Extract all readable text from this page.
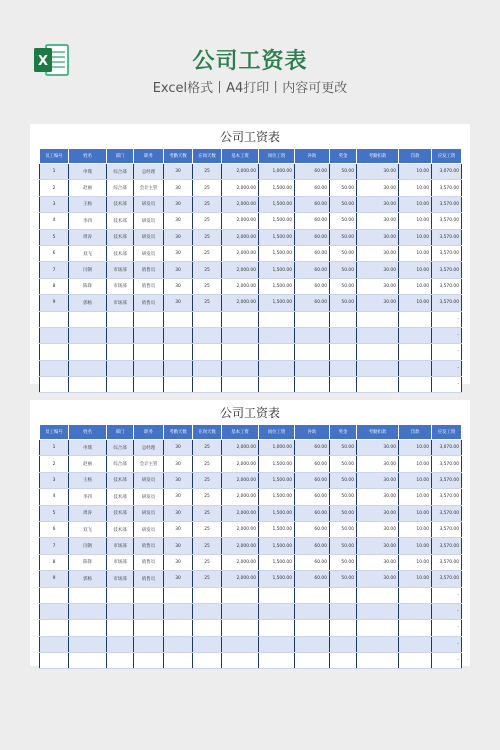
X	公司工资表
Excel格式丨A4打印丨内容可更改
公司工资表
员工编号	姓名	部门	职务	考勤天数	在岗天数	基本工资	岗位工资	补助	奖金	考勤扣款	罚款	应发工资
1	申璞	综合部	总经理	30	25	2,000.00	1,000.00	60.00	50.00	30.00	10.00	3,070.00
2	赵丽	综合部	会计主管	30	25	2,000.00	1,500.00	60.00	50.00	30.00	10.00	3,570.00
3	王杨	技术部	研发员	30	25	2,000.00	1,500.00	60.00	50.00	30.00	10.00	3,570.00
4	李四	技术部	研发员	30	25	2,000.00	1,500.00	60.00	50.00	30.00	10.00	3,570.00
5	周涛	技术部	研发员	30	25	2,000.00	1,500.00	60.00	50.00	30.00	10.00	3,570.00
6	双飞	技术部	研发员	30	25	2,000.00	1,500.00	60.00	50.00	30.00	10.00	3,570.00
7	闫钢	市场部	销售员	30	25	2,000.00	1,500.00	60.00	50.00	30.00	10.00	3,570.00
8	陈锋	市场部	销售员	30	25	2,000.00	1,500.00	60.00	50.00	30.00	10.00	3,570.00
9	郭杨	市场部	销售员	30	25	2,000.00	1,500.00	60.00	50.00	30.00	10.00	3,570.00
												-
												-
												-
												-
												-
公司工资表
员工编号	姓名	部门	职务	考勤天数	在岗天数	基本工资	岗位工资	补助	奖金	考勤扣款	罚款	应发工资
1	申璞	综合部	总经理	30	25	2,000.00	1,000.00	60.00	50.00	30.00	10.00	3,070.00
2	赵丽	综合部	会计主管	30	25	2,000.00	1,500.00	60.00	50.00	30.00	10.00	3,570.00
3	王杨	技术部	研发员	30	25	2,000.00	1,500.00	60.00	50.00	30.00	10.00	3,570.00
4	李四	技术部	研发员	30	25	2,000.00	1,500.00	60.00	50.00	30.00	10.00	3,570.00
5	周涛	技术部	研发员	30	25	2,000.00	1,500.00	60.00	50.00	30.00	10.00	3,570.00
6	双飞	技术部	研发员	30	25	2,000.00	1,500.00	60.00	50.00	30.00	10.00	3,570.00
7	闫钢	市场部	销售员	30	25	2,000.00	1,500.00	60.00	50.00	30.00	10.00	3,570.00
8	陈锋	市场部	销售员	30	25	2,000.00	1,500.00	60.00	50.00	30.00	10.00	3,570.00
9	郭杨	市场部	销售员	30	25	2,000.00	1,500.00	60.00	50.00	30.00	10.00	3,570.00
												-
												-
												-
												-
												-
